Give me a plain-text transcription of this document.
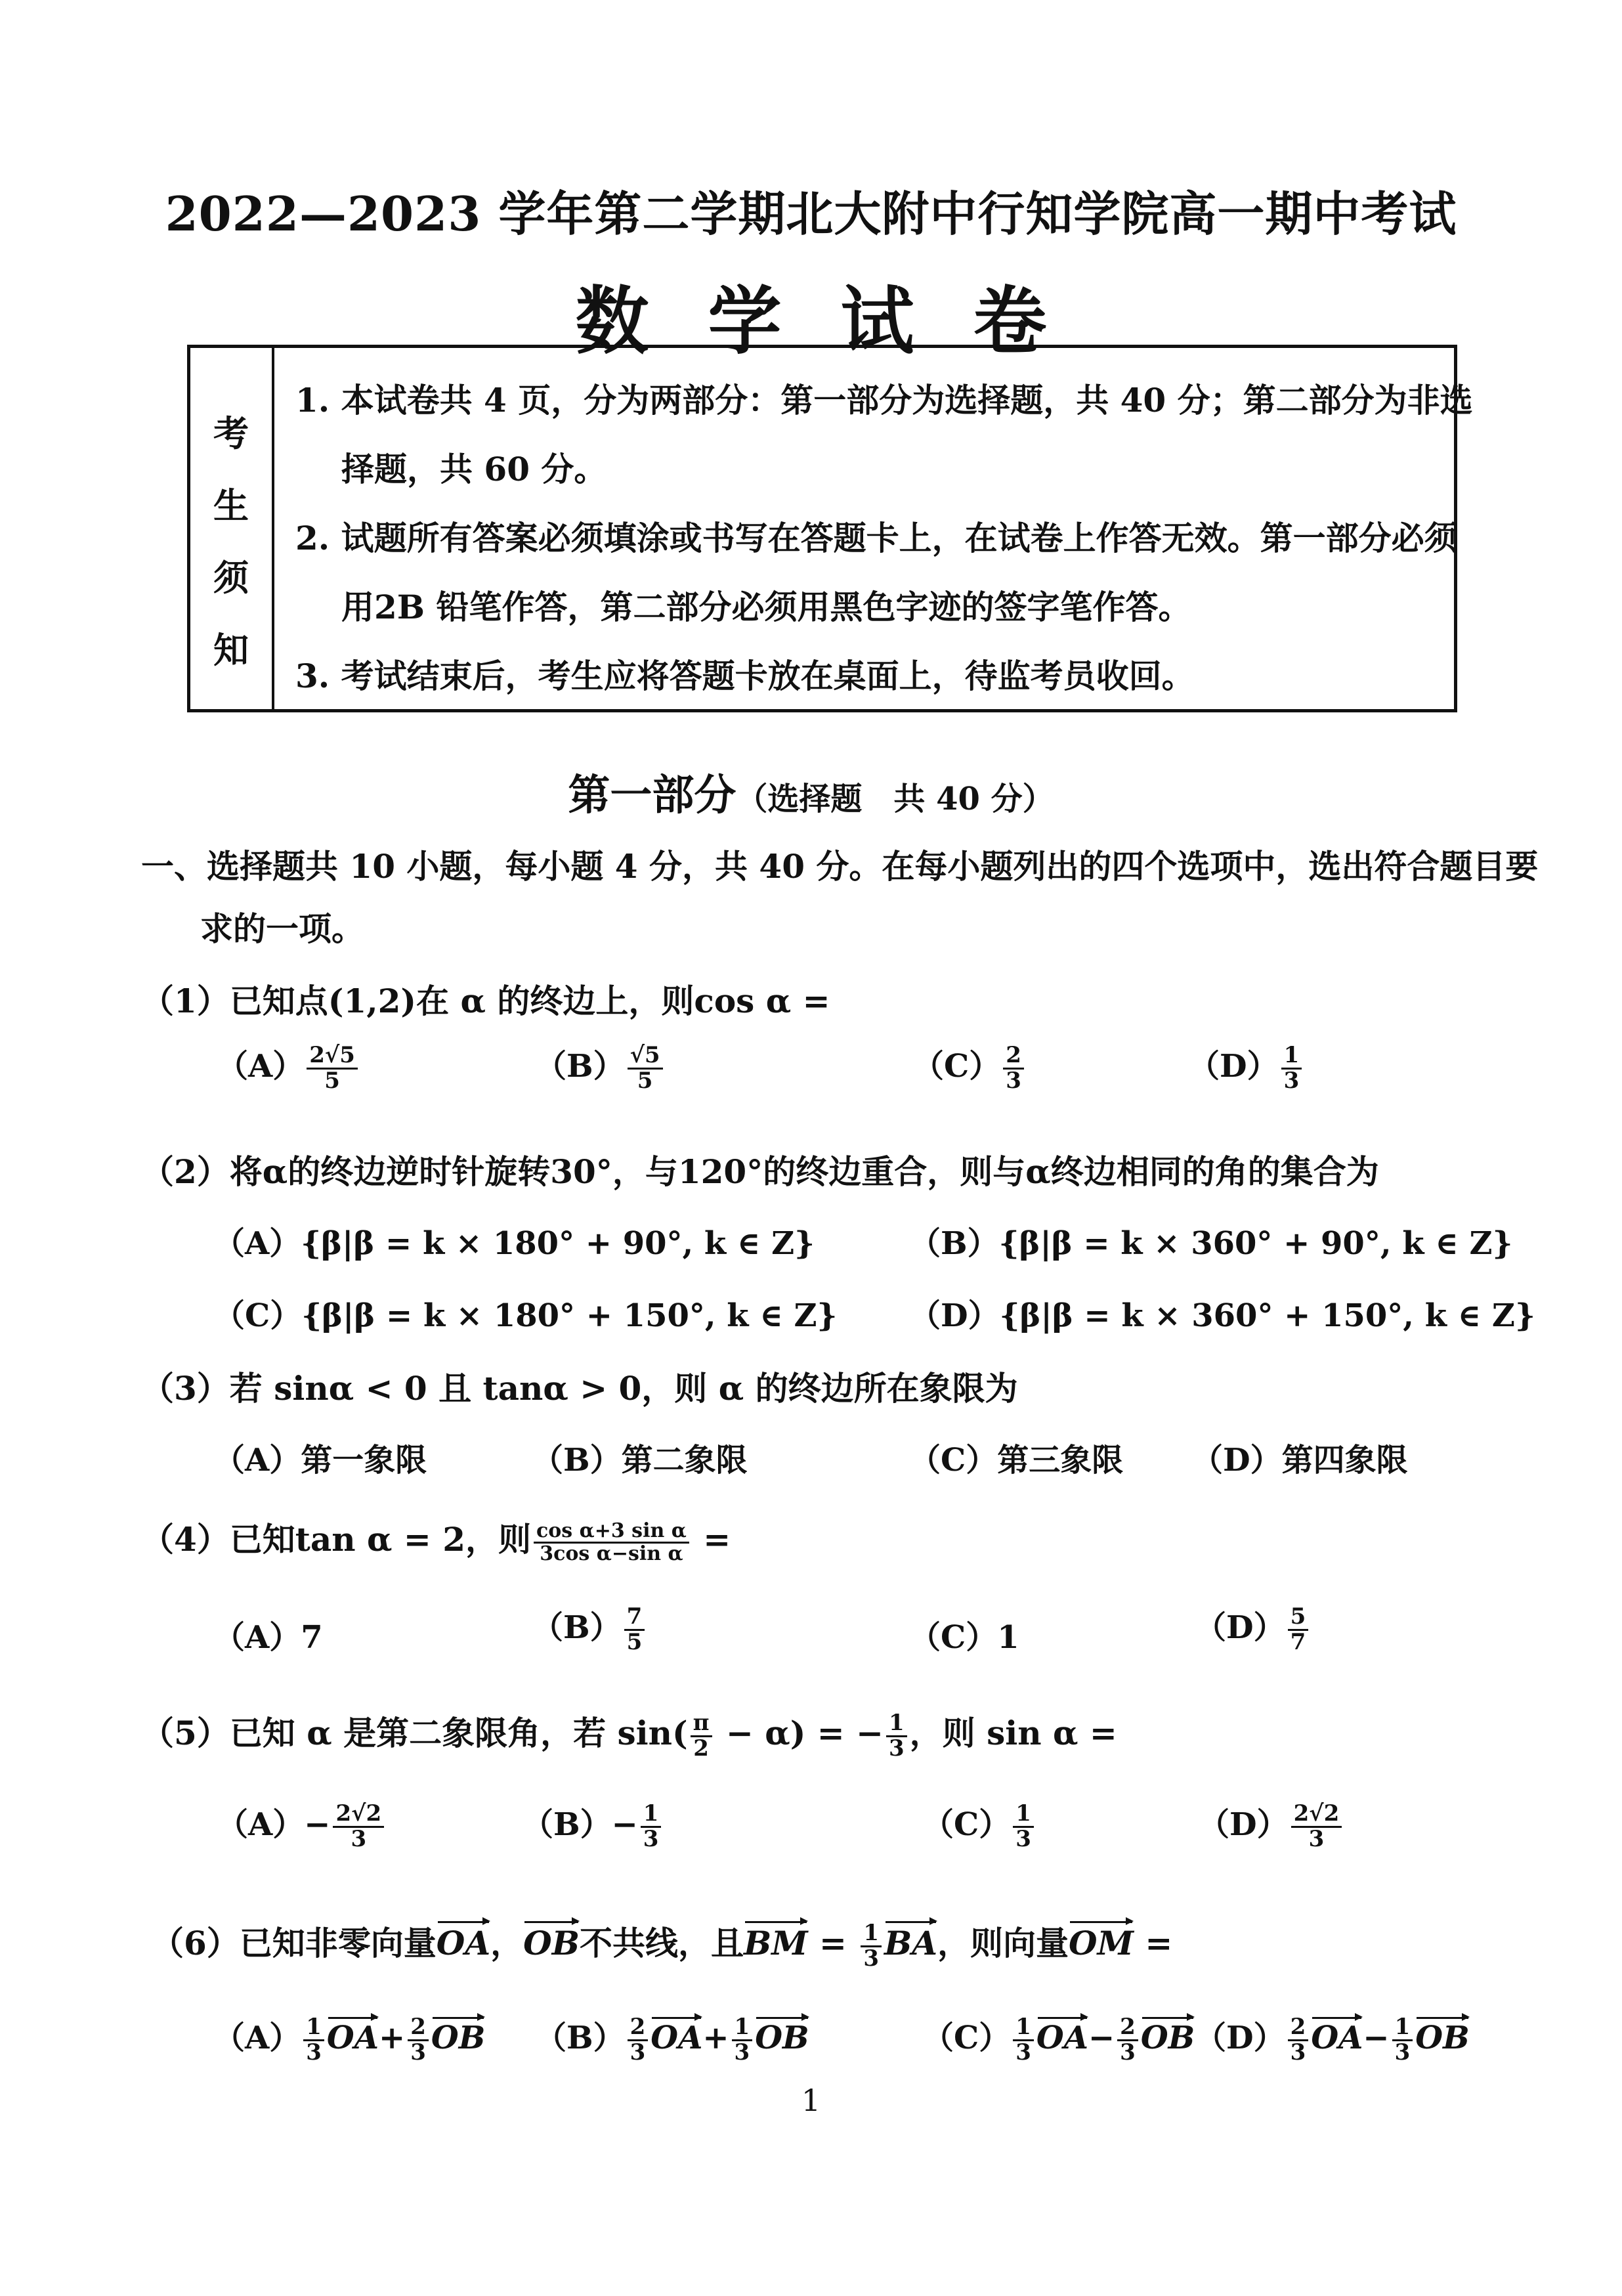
2022—2023 学年第二学期北大附中行知学院高一期中考试
数学试卷
考
生
须
知
1. 本试卷共 4 页，分为两部分：第一部分为选择题，共 40 分；第二部分为非选
择题，共 60 分。
2. 试题所有答案必须填涂或书写在答题卡上，在试卷上作答无效。第一部分必须
用2B 铅笔作答，第二部分必须用黑色字迹的签字笔作答。
3. 考试结束后，考生应将答题卡放在桌面上，待监考员收回。
第一部分（选择题　共 40 分）
一、选择题共 10 小题，每小题 4 分，共 40 分。在每小题列出的四个选项中，选出符合题目要
求的一项。
（1）已知点(1,2)在 α 的终边上，则cos α =
$(A) \frac{2√5}{5}$	$(B) \frac{√5}{5}$	$(C) \frac{2}{3}$	$(D) \frac{1}{3}$
（2）将α的终边逆时针旋转30°，与120°的终边重合，则与α终边相同的角的集合为
（A）{β|β = k × 180° + 90°, k ∈ Z}	（B）{β|β = k × 360° + 90°, k ∈ Z}
（C）{β|β = k × 180° + 150°, k ∈ Z} （D）{β|β = k × 360° + 150°, k ∈ Z}
（3）若 sinα < 0 且 tanα > 0，则 α 的终边所在象限为
（A）第一象限	（B）第二象限	（C）第三象限 （D）第四象限
（4）已知tan α = 2，则 $\frac{\text{cos α+3 sin α}}{\text{3cos α−sin α}}$ =
（A）7	$(B) \frac{7}{5}$	（C）1	$(D) \frac{5}{7}$
（5）已知 α 是第二象限角，若 $\sin( \frac{\pi}{2} - \alpha)$ = − $\frac{1}{3}$ ，则 sin α =
$(A)- \frac{2√2}{3}$	$(B)- \frac{1}{3}$	$(C) \frac{1}{3}$	$(D) \frac{2√2}{3}$
（6）已知非零向量OA，OB不共线，且BM = $\frac{1}{3}$ BA，则向量OM =
$(A) \frac{1}{3} OA+ \frac{2}{3}$ OB $(B) \frac{2}{3} OA+ \frac{1}{3}$ OB	$(C) \frac{1}{3} OA- \frac{2}{3}$ OB $(D) \frac{2}{3} OA- \frac{1}{3}$ OB
1
